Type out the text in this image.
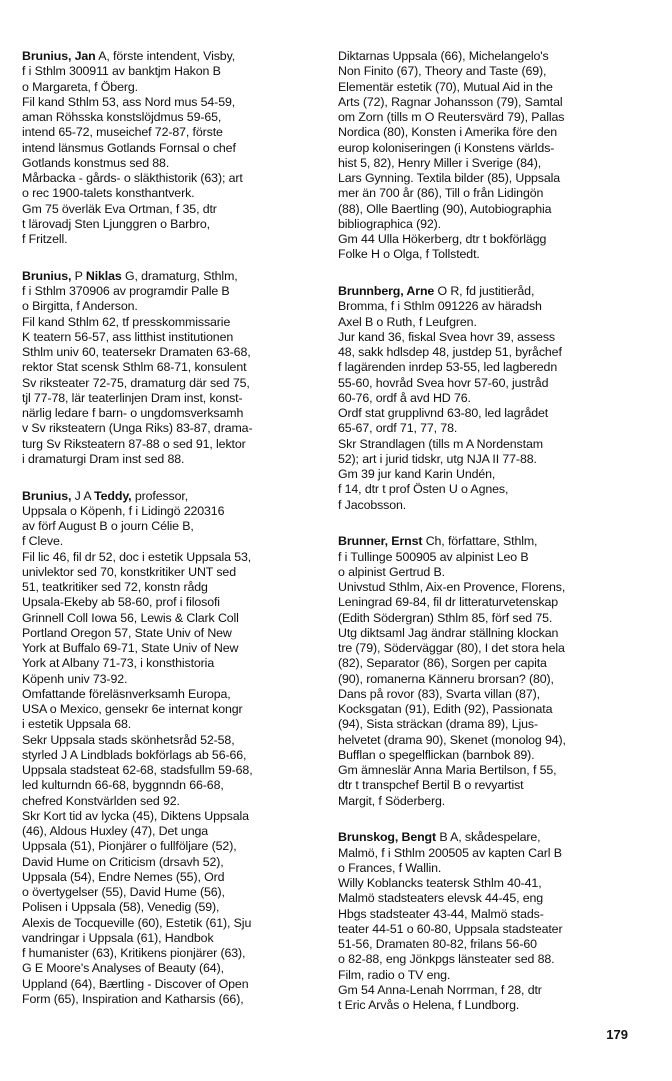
Brunius, Jan A, förste intendent, Visby,
f i Sthlm 300911 av banktjm Hakon B
o Margareta, f Öberg.
Fil kand Sthlm 53, ass Nord mus 54-59,
aman Röhsska konstslöjdmus 59-65,
intend 65-72, museichef 72-87, förste
intend länsmus Gotlands Fornsal o chef
Gotlands konstmus sed 88.
Mårbacka - gårds- o släkthistorik (63); art
o rec 1900-talets konsthantverk.
Gm 75 överläk Eva Ortman, f 35, dtr
t lärovadj Sten Ljunggren o Barbro,
f Fritzell.
Brunius, P Niklas G, dramaturg, Sthlm,
f i Sthlm 370906 av programdir Palle B
o Birgitta, f Anderson.
Fil kand Sthlm 62, tf presskommissarie
K teatern 56-57, ass litthist institutionen
Sthlm univ 60, teatersekr Dramaten 63-68,
rektor Stat scensk Sthlm 68-71, konsulent
Sv riksteater 72-75, dramaturg där sed 75,
tjl 77-78, lär teaterlinjen Dram inst, konst-
närlig ledare f barn- o ungdomsverksamh
v Sv riksteatern (Unga Riks) 83-87, drama-
turg Sv Riksteatern 87-88 o sed 91, lektor
i dramaturgi Dram inst sed 88.
Brunius, J A Teddy, professor,
Uppsala o Köpenh, f i Lidingö 220316
av förf August B o journ Célie B,
f Cleve.
Fil lic 46, fil dr 52, doc i estetik Uppsala 53,
univlektor sed 70, konstkritiker UNT sed
51, teatkritiker sed 72, konstn rådg
Upsala-Ekeby ab 58-60, prof i filosofi
Grinnell Coll Iowa 56, Lewis & Clark Coll
Portland Oregon 57, State Univ of New
York at Buffalo 69-71, State Univ of New
York at Albany 71-73, i konsthistoria
Köpenh univ 73-92.
Omfattande föreläsnverksamh Europa,
USA o Mexico, gensekr 6e internat kongr
i estetik Uppsala 68.
Sekr Uppsala stads skönhetsråd 52-58,
styrled J A Lindblads bokförlags ab 56-66,
Uppsala stadsteat 62-68, stadsfullm 59-68,
led kulturndn 66-68, byggnndn 66-68,
chefred Konstvärlden sed 92.
Skr Kort tid av lycka (45), Diktens Uppsala
(46), Aldous Huxley (47), Det unga
Uppsala (51), Pionjärer o fullföljare (52),
David Hume on Criticism (drsavh 52),
Uppsala (54), Endre Nemes (55), Ord
o övertygelser (55), David Hume (56),
Polisen i Uppsala (58), Venedig (59),
Alexis de Tocqueville (60), Estetik (61), Sju
vandringar i Uppsala (61), Handbok
f humanister (63), Kritikens pionjärer (63),
G E Moore's Analyses of Beauty (64),
Uppland (64), Bærtling - Discover of Open
Form (65), Inspiration and Katharsis (66),
Diktarnas Uppsala (66), Michelangelo's
Non Finito (67), Theory and Taste (69),
Elementär estetik (70), Mutual Aid in the
Arts (72), Ragnar Johansson (79), Samtal
om Zorn (tills m O Reutersvärd 79), Pallas
Nordica (80), Konsten i Amerika före den
europ koloniseringen (i Konstens världs-
hist 5, 82), Henry Miller i Sverige (84),
Lars Gynning. Textila bilder (85), Uppsala
mer än 700 år (86), Till o från Lidingön
(88), Olle Baertling (90), Autobiographia
bibliographica (92).
Gm 44 Ulla Hökerberg, dtr t bokförlägg
Folke H o Olga, f Tollstedt.
Brunnberg, Arne O R, fd justitieråd,
Bromma, f i Sthlm 091226 av häradsh
Axel B o Ruth, f Leufgren.
Jur kand 36, fiskal Svea hovr 39, assess
48, sakk hdlsdep 48, justdep 51, byråchef
f lagärenden inrdep 53-55, led lagberedn
55-60, hovråd Svea hovr 57-60, justråd
60-76, ordf å avd HD 76.
Ordf stat grupplivnd 63-80, led lagrådet
65-67, ordf 71, 77, 78.
Skr Strandlagen (tills m A Nordenstam
52); art i jurid tidskr, utg NJA II 77-88.
Gm 39 jur kand Karin Undén,
f 14, dtr t prof Östen U o Agnes,
f Jacobsson.
Brunner, Ernst Ch, författare, Sthlm,
f i Tullinge 500905 av alpinist Leo B
o alpinist Gertrud B.
Univstud Sthlm, Aix-en Provence, Florens,
Leningrad 69-84, fil dr litteraturvetenskap
(Edith Södergran) Sthlm 85, förf sed 75.
Utg diktsaml Jag ändrar ställning klockan
tre (79), Söderväggar (80), I det stora hela
(82), Separator (86), Sorgen per capita
(90), romanerna Känneru brorsan? (80),
Dans på rovor (83), Svarta villan (87),
Kocksgatan (91), Edith (92), Passionata
(94), Sista sträckan (drama 89), Ljus-
helvetet (drama 90), Skenet (monolog 94),
Bufflan o spegelflickan (barnbok 89).
Gm ämneslär Anna Maria Bertilson, f 55,
dtr t transpchef Bertil B o revyartist
Margit, f Söderberg.
Brunskog, Bengt B A, skådespelare,
Malmö, f i Sthlm 200505 av kapten Carl B
o Frances, f Wallin.
Willy Koblancks teatersk Sthlm 40-41,
Malmö stadsteaters elevsk 44-45, eng
Hbgs stadsteater 43-44, Malmö stads-
teater 44-51 o 60-80, Uppsala stadsteater
51-56, Dramaten 80-82, frilans 56-60
o 82-88, eng Jönkpgs länsteater sed 88.
Film, radio o TV eng.
Gm 54 Anna-Lenah Norrman, f 28, dtr
t Eric Arvås o Helena, f Lundborg.
179
